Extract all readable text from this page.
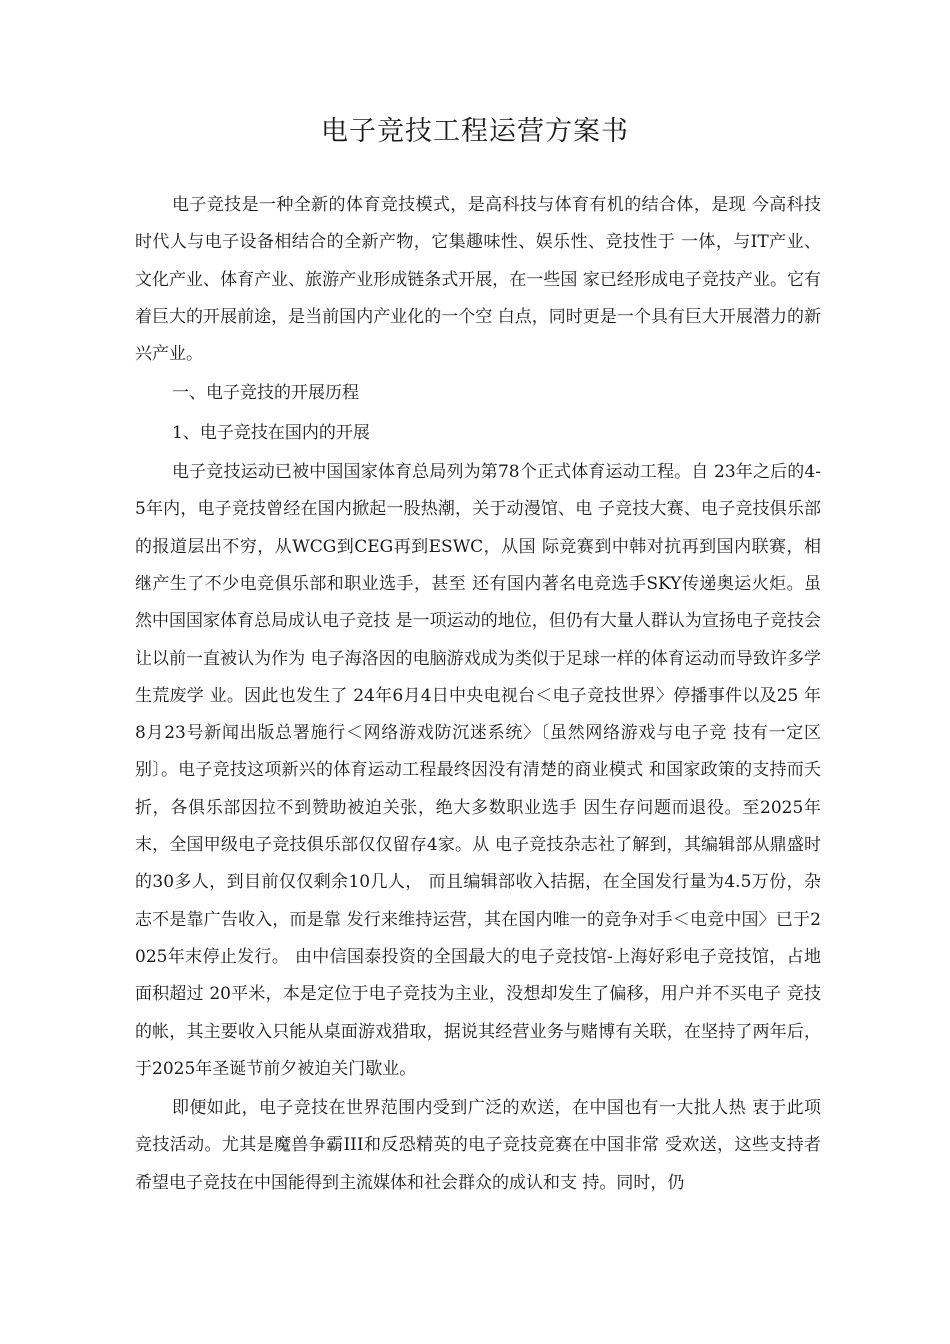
电子竞技工程运营方案书

电子竞技是一种全新的体育竞技模式，是高科技与体育有机的结合体，是现 今高科技时代人与电子设备相结合的全新产物，它集趣味性、娱乐性、竞技性于 一体，与IT产业、文化产业、体育产业、旅游产业形成链条式开展，在一些国 家已经形成电子竞技产业。它有着巨大的开展前途，是当前国内产业化的一个空 白点，同时更是一个具有巨大开展潜力的新兴产业。

一、电子竞技的开展历程

1、电子竞技在国内的开展

电子竞技运动已被中国国家体育总局列为第78个正式体育运动工程。自 23年之后的4-5年内，电子竞技曾经在国内掀起一股热潮，关于动漫馆、电 子竞技大赛、电子竞技俱乐部的报道层出不穷，从WCG到CEG再到ESWC，从国 际竞赛到中韩对抗再到国内联赛，相继产生了不少电竞俱乐部和职业选手，甚至 还有国内著名电竞选手SKY传递奥运火炬。虽然中国国家体育总局成认电子竞技 是一项运动的地位，但仍有大量人群认为宣扬电子竞技会让以前一直被认为作为 电子海洛因的电脑游戏成为类似于足球一样的体育运动而导致许多学生荒废学 业。因此也发生了 24年6月4日中央电视台＜电子竞技世界〉停播事件以及25 年8月23号新闻出版总署施行＜网络游戏防沉迷系统〉〔虽然网络游戏与电子竞 技有一定区别〕。电子竞技这项新兴的体育运动工程最终因没有清楚的商业模式 和国家政策的支持而夭折，各俱乐部因拉不到赞助被迫关张，绝大多数职业选手 因生存问题而退役。至2025年末，全国甲级电子竞技俱乐部仅仅留存4家。从 电子竞技杂志社了解到，其编辑部从鼎盛时的30多人，到目前仅仅剩余10几人， 而且编辑部收入拮据，在全国发行量为4.5万份，杂志不是靠广告收入，而是靠 发行来维持运营，其在国内唯一的竞争对手＜电竞中国〉已于2025年末停止发行。 由中信国泰投资的全国最大的电子竞技馆-上海好彩电子竞技馆，占地面积超过 20平米，本是定位于电子竞技为主业，没想却发生了偏移，用户并不买电子 竞技的帐，其主要收入只能从桌面游戏猎取，据说其经营业务与赌博有关联，在坚持了两年后，于2025年圣诞节前夕被迫关门歇业。

即便如此，电子竞技在世界范围内受到广泛的欢送，在中国也有一大批人热 衷于此项竞技活动。尤其是魔兽争霸III和反恐精英的电子竞技竞赛在中国非常 受欢送，这些支持者希望电子竞技在中国能得到主流媒体和社会群众的成认和支 持。同时，仍
